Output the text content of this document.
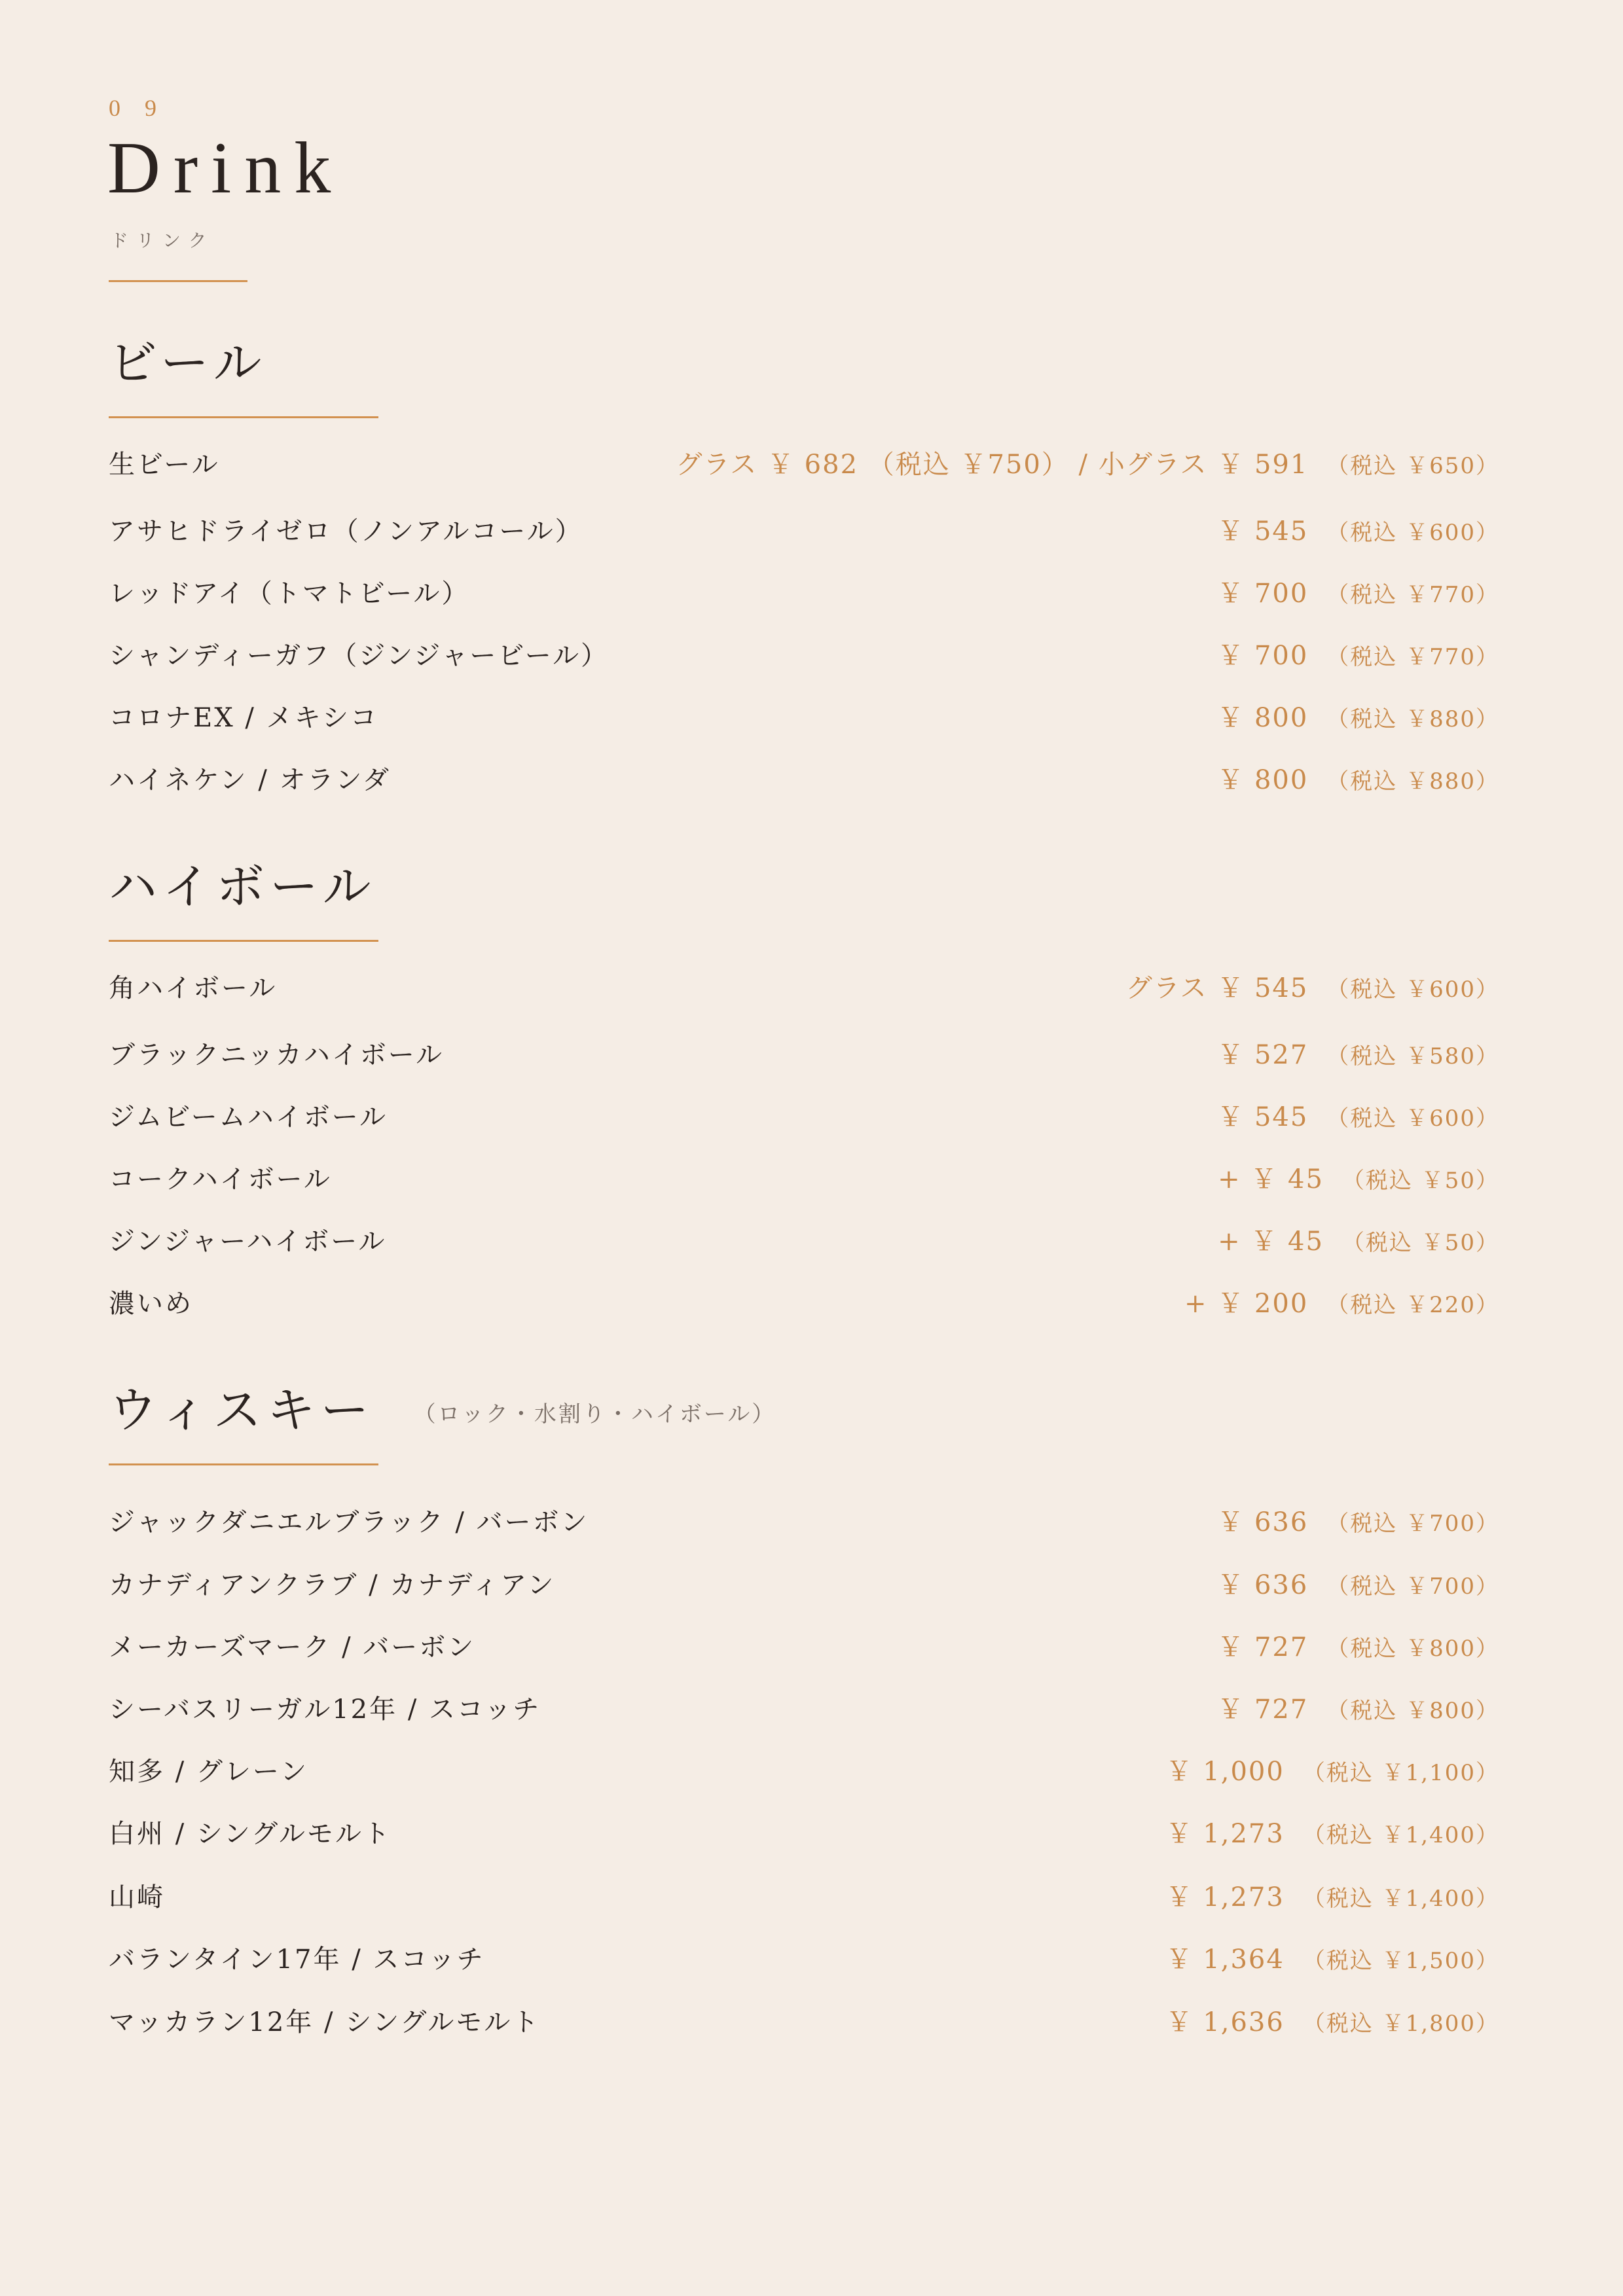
0 9
Drink
ドリンク
ビール
生ビール	グラス ￥ 682 （税込 ￥750） / 小グラス ￥ 591 （税込 ￥650）
アサヒドライゼロ（ノンアルコール）	￥ 545 （税込 ￥600）
レッドアイ（トマトビール）	￥ 700 （税込 ￥770）
シャンディーガフ（ジンジャービール）	￥ 700 （税込 ￥770）
コロナEX / メキシコ	￥ 800 （税込 ￥880）
ハイネケン / オランダ	￥ 800 （税込 ￥880）
ハイボール
角ハイボール	グラス ￥ 545 （税込 ￥600）
ブラックニッカハイボール	￥ 527 （税込 ￥580）
ジムビームハイボール	￥ 545 （税込 ￥600）
コークハイボール	+ ￥ 45 （税込 ￥50）
ジンジャーハイボール	+ ￥ 45 （税込 ￥50）
濃いめ	+ ￥ 200 （税込 ￥220）
ウィスキー （ロック・水割り・ハイボール）
ジャックダニエルブラック / バーボン	￥ 636 （税込 ￥700）
カナディアンクラブ / カナディアン	￥ 636 （税込 ￥700）
メーカーズマーク / バーボン	￥ 727 （税込 ￥800）
シーバスリーガル12年 / スコッチ	￥ 727 （税込 ￥800）
知多 / グレーン	￥ 1,000 （税込 ￥1,100）
白州 / シングルモルト	￥ 1,273 （税込 ￥1,400）
山崎	￥ 1,273 （税込 ￥1,400）
バランタイン17年 / スコッチ	￥ 1,364 （税込 ￥1,500）
マッカラン12年 / シングルモルト	￥ 1,636 （税込 ￥1,800）
